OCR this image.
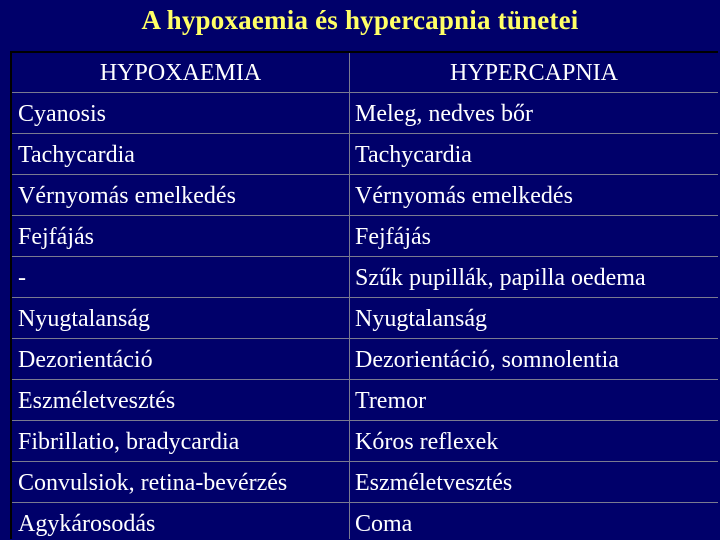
A hypoxaemia és hypercapnia tünetei
HYPOXAEMIA	HYPERCAPNIA
Cyanosis	Meleg, nedves bőr
Tachycardia	Tachycardia
Vérnyomás emelkedés	Vérnyomás emelkedés
Fejfájás	Fejfájás
-	Szűk pupillák, papilla oedema
Nyugtalanság	Nyugtalanság
Dezorientáció	Dezorientáció, somnolentia
Eszméletvesztés	Tremor
Fibrillatio, bradycardia	Kóros reflexek
Convulsiok, retina-bevérzés	Eszméletvesztés
Agykárosodás	Coma
